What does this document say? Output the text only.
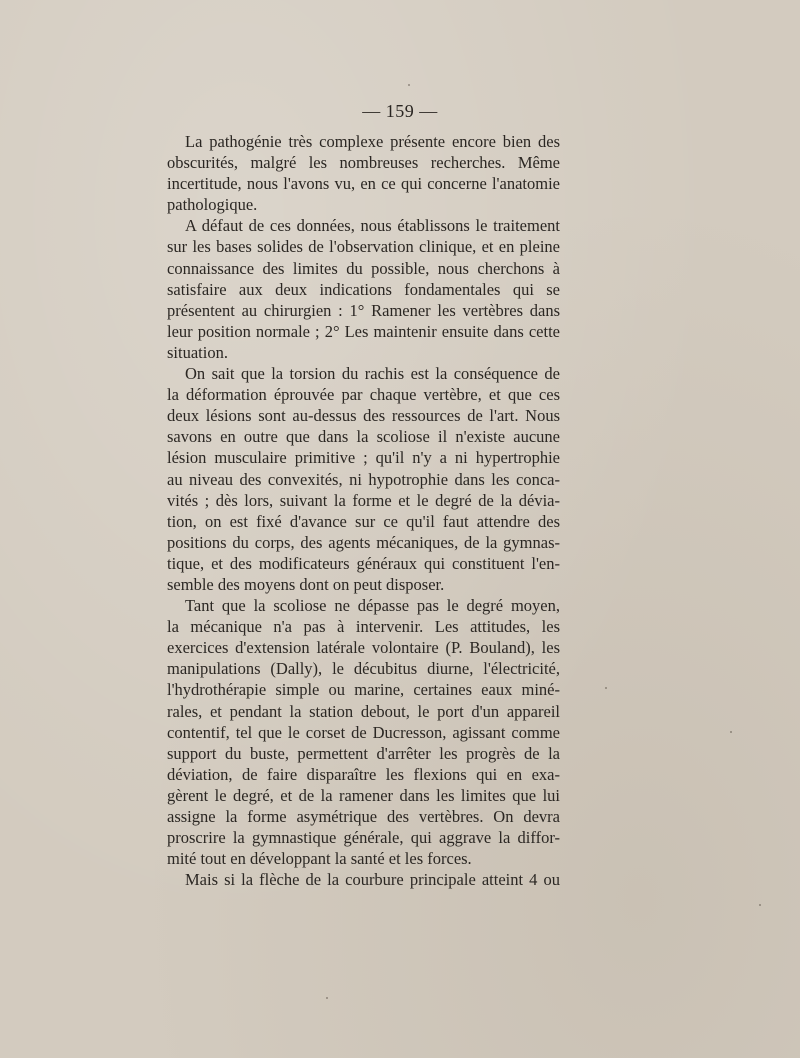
— 159 —

La pathogénie très complexe présente encore bien des
obscurités, malgré les nombreuses recherches. Même
incertitude, nous l'avons vu, en ce qui concerne l'anatomie
pathologique.

A défaut de ces données, nous établissons le traitement
sur les bases solides de l'observation clinique, et en pleine
connaissance des limites du possible, nous cherchons à
satisfaire aux deux indications fondamentales qui se
présentent au chirurgien : 1° Ramener les vertèbres dans
leur position normale ; 2° Les maintenir ensuite dans cette
situation.

On sait que la torsion du rachis est la conséquence de
la déformation éprouvée par chaque vertèbre, et que ces
deux lésions sont au-dessus des ressources de l'art. Nous
savons en outre que dans la scoliose il n'existe aucune
lésion musculaire primitive ; qu'il n'y a ni hypertrophie
au niveau des convexités, ni hypotrophie dans les conca-
vités ; dès lors, suivant la forme et le degré de la dévia-
tion, on est fixé d'avance sur ce qu'il faut attendre des
positions du corps, des agents mécaniques, de la gymnas-
tique, et des modificateurs généraux qui constituent l'en-
semble des moyens dont on peut disposer.

Tant que la scoliose ne dépasse pas le degré moyen,
la mécanique n'a pas à intervenir. Les attitudes, les
exercices d'extension latérale volontaire (P. Bouland), les
manipulations (Dally), le décubitus diurne, l'électricité,
l'hydrothérapie simple ou marine, certaines eaux miné-
rales, et pendant la station debout, le port d'un appareil
contentif, tel que le corset de Ducresson, agissant comme
support du buste, permettent d'arrêter les progrès de la
déviation, de faire disparaître les flexions qui en exa-
gèrent le degré, et de la ramener dans les limites que lui
assigne la forme asymétrique des vertèbres. On devra
proscrire la gymnastique générale, qui aggrave la diffor-
mité tout en développant la santé et les forces.

Mais si la flèche de la courbure principale atteint 4 ou
